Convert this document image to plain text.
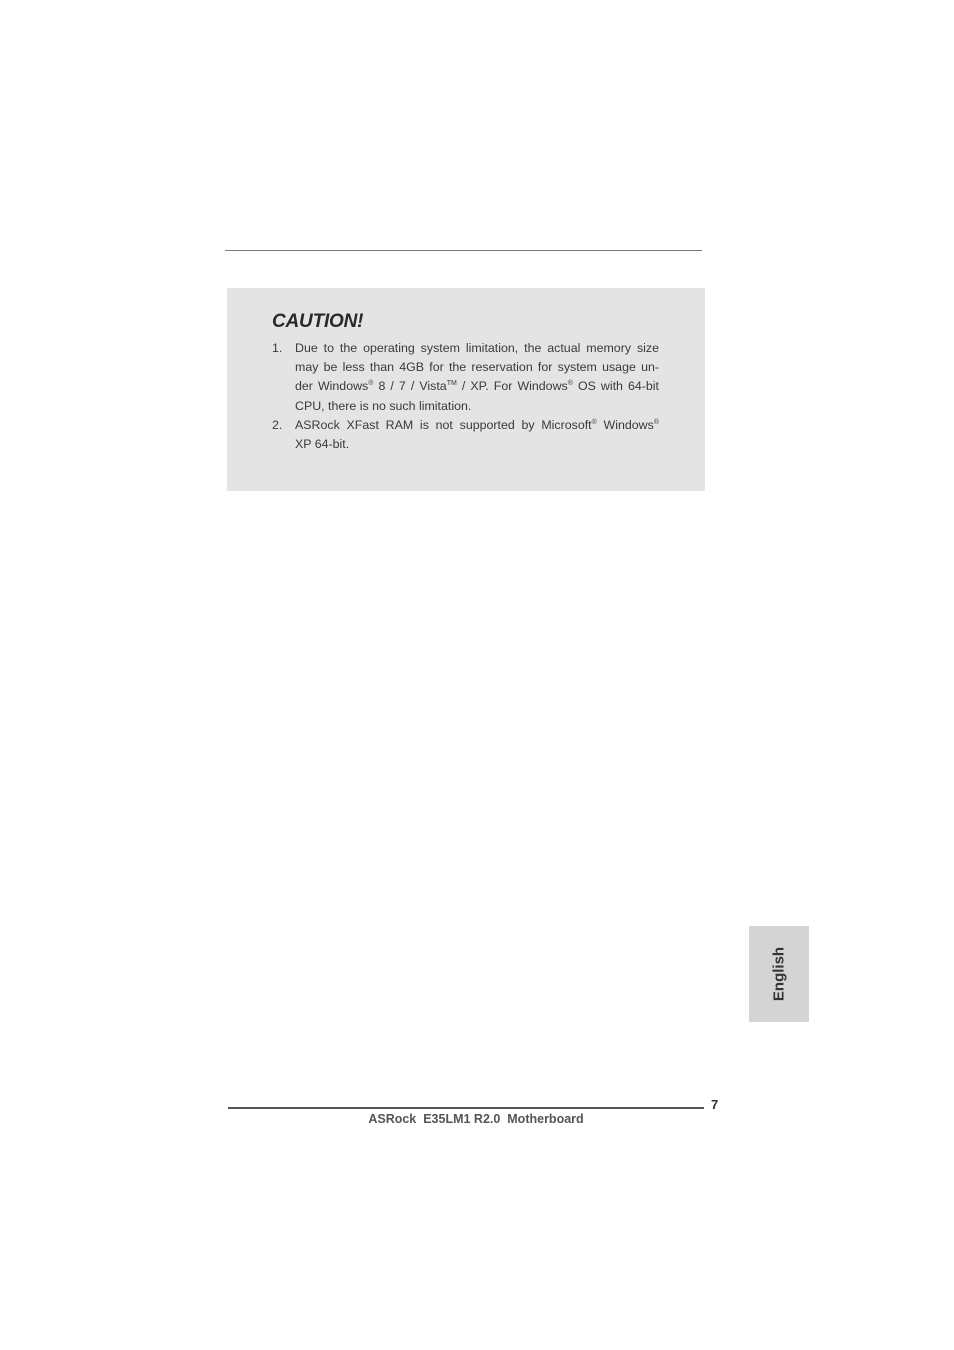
CAUTION!
1. Due to the operating system limitation, the actual memory size
may be less than 4GB for the reservation for system usage un-
der Windows® 8 / 7 / Vista™ / XP. For Windows® OS with 64-bit
CPU, there is no such limitation.
2. ASRock XFast RAM is not supported by Microsoft® Windows®
XP 64-bit.
English
7
ASRock  E35LM1 R2.0  Motherboard
